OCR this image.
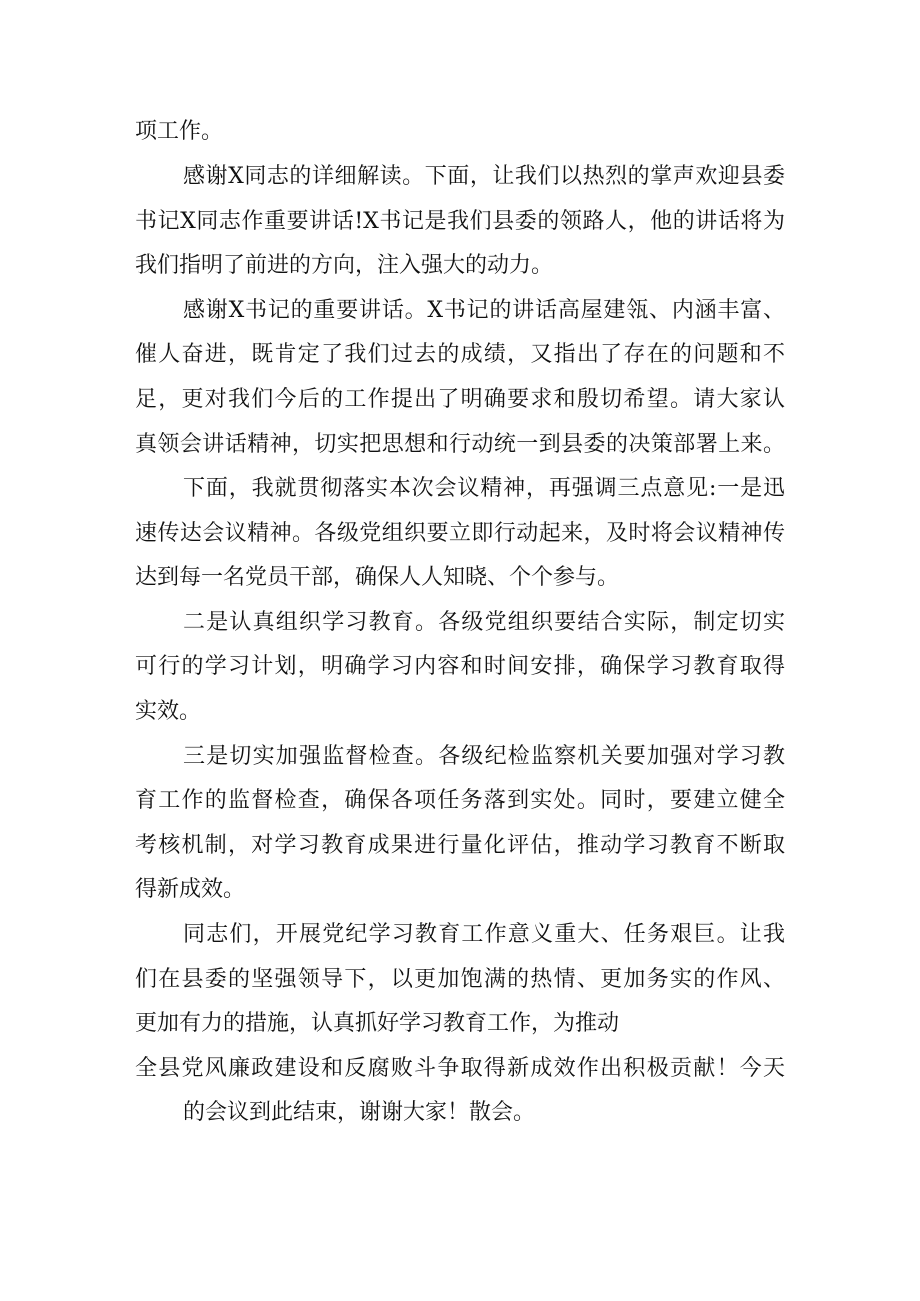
项工作。
感谢X同志的详细解读。下面，让我们以热烈的掌声欢迎县委
书记X同志作重要讲话!X书记是我们县委的领路人，他的讲话将为
我们指明了前进的方向，注入强大的动力。
感谢X书记的重要讲话。X书记的讲话高屋建瓴、内涵丰富、
催人奋进，既肯定了我们过去的成绩，又指出了存在的问题和不
足，更对我们今后的工作提出了明确要求和殷切希望。请大家认
真领会讲话精神，切实把思想和行动统一到县委的决策部署上来。
下面，我就贯彻落实本次会议精神，再强调三点意见:一是迅
速传达会议精神。各级党组织要立即行动起来，及时将会议精神传
达到每一名党员干部，确保人人知晓、个个参与。
二是认真组织学习教育。各级党组织要结合实际，制定切实
可行的学习计划，明确学习内容和时间安排，确保学习教育取得
实效。
三是切实加强监督检查。各级纪检监察机关要加强对学习教
育工作的监督检查，确保各项任务落到实处。同时，要建立健全
考核机制，对学习教育成果进行量化评估，推动学习教育不断取
得新成效。
同志们，开展党纪学习教育工作意义重大、任务艰巨。让我
们在县委的坚强领导下，以更加饱满的热情、更加务实的作风、
更加有力的措施，认真抓好学习教育工作，为推动
全县党风廉政建设和反腐败斗争取得新成效作出积极贡献！今天
的会议到此结束，谢谢大家！散会。
